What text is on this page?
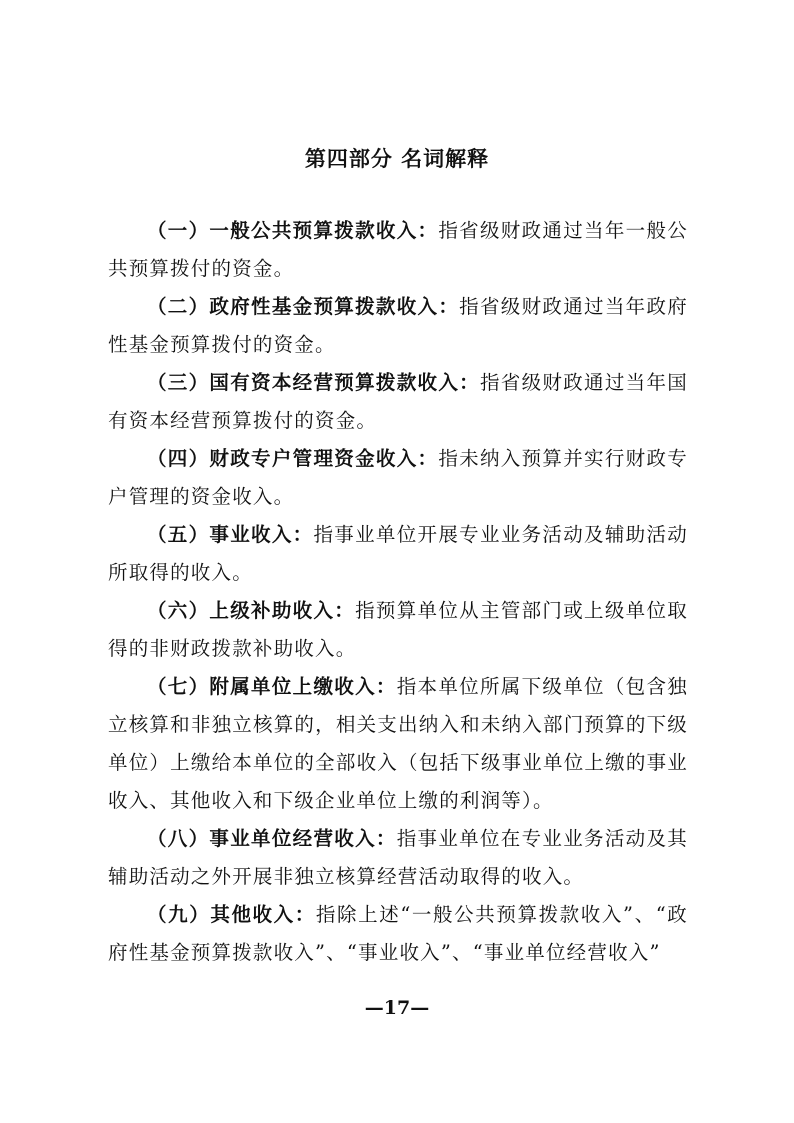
第四部分 名词解释

（一）一般公共预算拨款收入：指省级财政通过当年一般公共预算拨付的资金。

（二）政府性基金预算拨款收入：指省级财政通过当年政府性基金预算拨付的资金。

（三）国有资本经营预算拨款收入：指省级财政通过当年国有资本经营预算拨付的资金。

（四）财政专户管理资金收入：指未纳入预算并实行财政专户管理的资金收入。

（五）事业收入：指事业单位开展专业业务活动及辅助活动所取得的收入。

（六）上级补助收入：指预算单位从主管部门或上级单位取得的非财政拨款补助收入。

（七）附属单位上缴收入：指本单位所属下级单位（包含独立核算和非独立核算的，相关支出纳入和未纳入部门预算的下级单位）上缴给本单位的全部收入（包括下级事业单位上缴的事业收入、其他收入和下级企业单位上缴的利润等）。

（八）事业单位经营收入：指事业单位在专业业务活动及其辅助活动之外开展非独立核算经营活动取得的收入。

（九）其他收入：指除上述“一般公共预算拨款收入”、“政府性基金预算拨款收入”、“事业收入”、“事业单位经营收入”

—17—
